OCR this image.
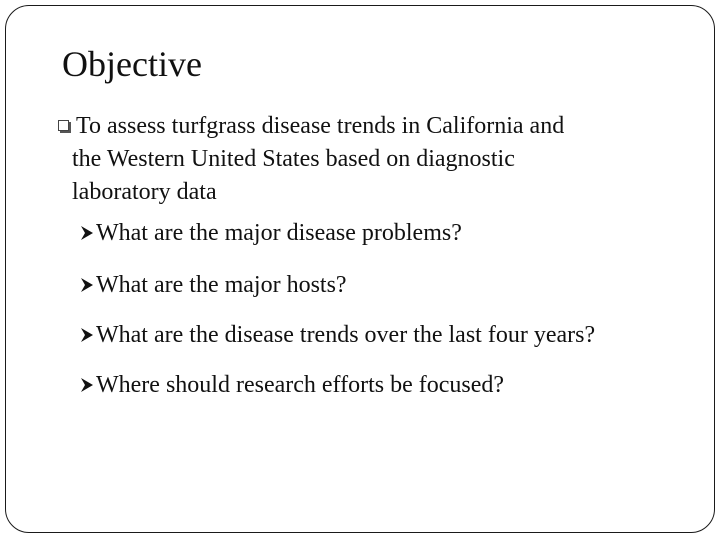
Objective
To assess turfgrass disease trends in California and
the Western United States based on diagnostic
laboratory data
What are the major disease problems?
What are the major hosts?
What are the disease trends over the last four years?
Where should research efforts be focused?
